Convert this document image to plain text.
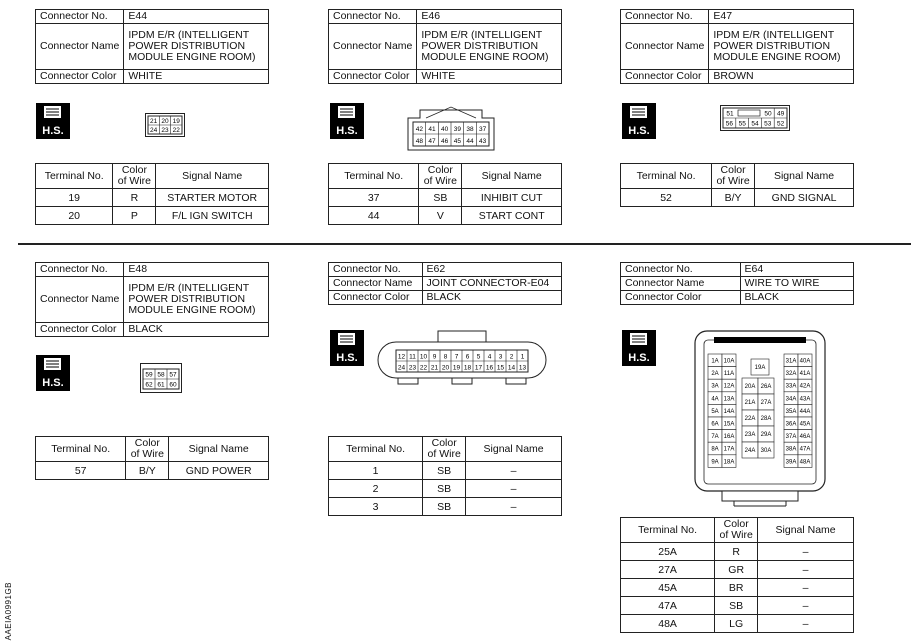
Connector No.	E44
Connector Name	IPDM E/R (INTELLIGENT POWER DISTRIBUTION MODULE ENGINE ROOM)
Connector Color	WHITE
H.S.
21 20 19
24 23 22
Terminal No.	Color of Wire	Signal Name
19	R	STARTER MOTOR
20	P	F/L IGN SWITCH
Connector No.	E46
Connector Name	IPDM E/R (INTELLIGENT POWER DISTRIBUTION MODULE ENGINE ROOM)
Connector Color	WHITE
H.S.	42
48
41
47
40
46
39
45
38
44
37
43
Terminal No.	Color of Wire	Signal Name
37	SB	INHIBIT CUT
44	V	START CONT
Connector No.	E47
Connector Name	IPDM E/R (INTELLIGENT POWER DISTRIBUTION MODULE ENGINE ROOM)
Connector Color	BROWN
H.S.
51	50 49
56 55 54 53 52
Terminal No.	Color of Wire	Signal Name
52	B/Y	GND SIGNAL
Connector No.	E48
Connector Name	IPDM E/R (INTELLIGENT POWER DISTRIBUTION MODULE ENGINE ROOM)
Connector Color	BLACK
H.S.
59 58 57
62 61 60
Terminal No.	Color of Wire	Signal Name
57	B/Y	GND POWER
Connector No.	E62
Connector Name	JOINT CONNECTOR-E04
Connector Color	BLACK
H.S.	12
24
11
23
10
22
9
21
8
20
7
19
6
18
5
17
4
16
3
15
2
14
1
13
Terminal No.	Color of Wire	Signal Name
1	SB	–
2	SB	–
3	SB	–
Connector No.	E64
Connector Name	WIRE TO WIRE
Connector Color	BLACK
H.S.	1A 10A	31A 40A
2A 11A	32A 41A
3A 12A	33A 42A
4A 13A	34A 43A
5A 14A	35A 44A
6A 15A	36A 45A
7A 16A	37A 46A
8A 17A	38A 47A
9A 18A	39A 48A
19A
20A 26A
21A 27A
22A 28A
23A 29A
24A 30A
Terminal No.	Color of Wire	Signal Name
25A	R	–
27A	GR	–
45A	BR	–
47A	SB	–
48A	LG	–
AAEIA0991GB
